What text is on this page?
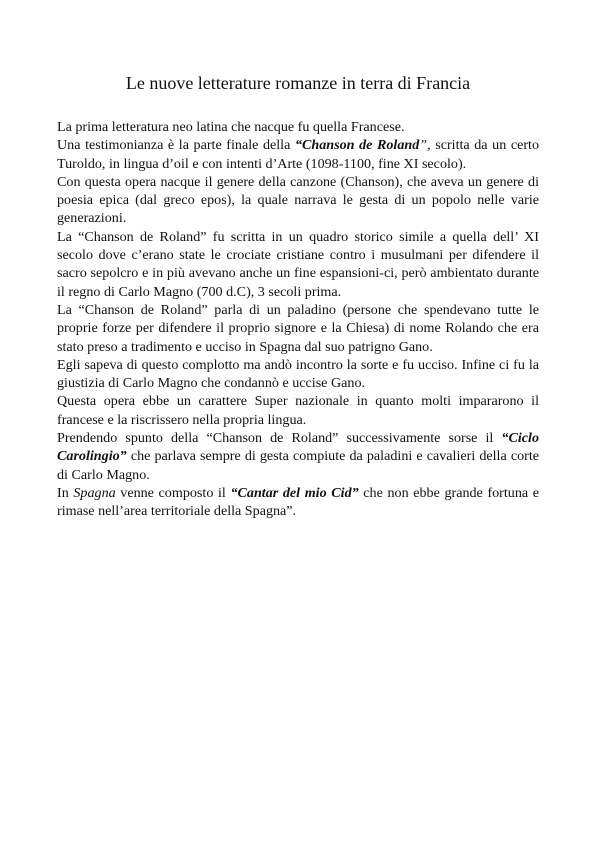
Le nuove letterature romanze in terra di Francia

La prima letteratura neo latina che nacque fu quella Francese.

Una testimonianza è la parte finale della “Chanson de Roland”, scritta da un certo Turoldo, in lingua d’oil e con intenti d’Arte (1098-1100, fine XI secolo).

Con questa opera nacque il genere della canzone (Chanson), che aveva un genere di poesia epica (dal greco epos), la quale narrava le gesta di un popolo nelle varie generazioni.

La “Chanson de Roland” fu scritta in un quadro storico simile a quella dell’ XI secolo dove c’erano state le crociate cristiane contro i musulmani per difendere il sacro sepolcro e in più avevano anche un fine espansioni-ci, però ambientato durante il regno di Carlo Magno (700 d.C), 3 secoli prima.

La “Chanson de Roland” parla di un paladino (persone che spendevano tutte le proprie forze per difendere il proprio signore e la Chiesa) di nome Rolando che era stato preso a tradimento e ucciso in Spagna dal suo patrigno Gano.

Egli sapeva di questo complotto ma andò incontro la sorte e fu ucciso. Infine ci fu la giustizia di Carlo Magno che condannò e uccise Gano.

Questa opera ebbe un carattere Super nazionale in quanto molti impararono il francese e la riscrissero nella propria lingua.

Prendendo spunto della “Chanson de Roland” successivamente sorse il “Ciclo Carolingio” che parlava sempre di gesta compiute da paladini e cavalieri della corte di Carlo Magno.

In Spagna venne composto il “Cantar del mio Cid” che non ebbe grande fortuna e rimase nell’area territoriale della Spagna”.
